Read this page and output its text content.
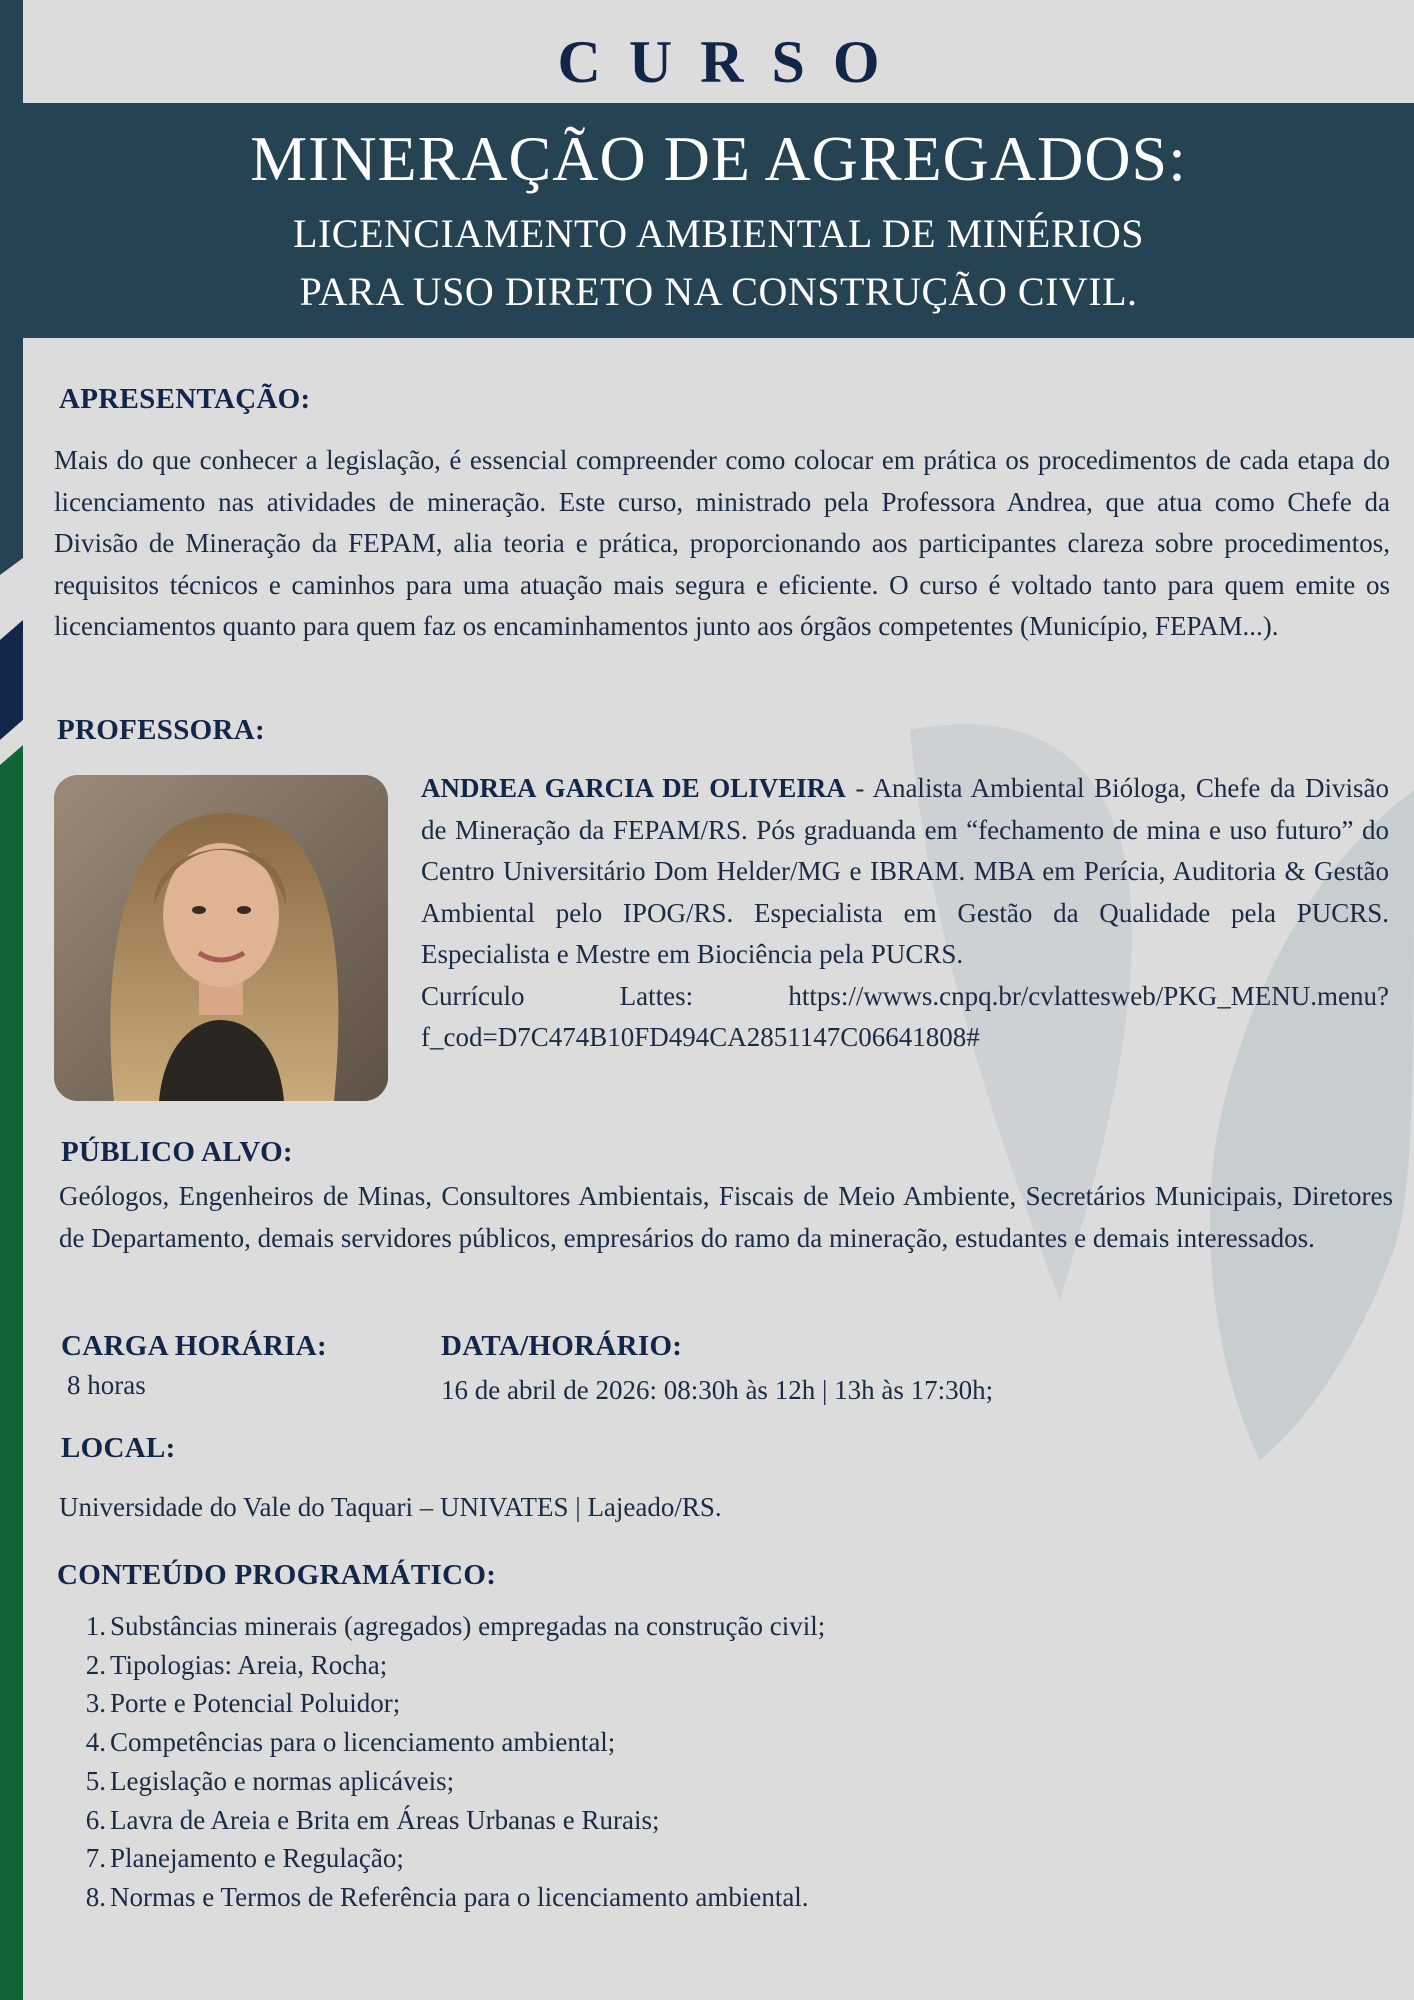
CURSO
MINERAÇÃO DE AGREGADOS:
LICENCIAMENTO AMBIENTAL DE MINÉRIOS
PARA USO DIRETO NA CONSTRUÇÃO CIVIL.
APRESENTAÇÃO:
Mais do que conhecer a legislação, é essencial compreender como colocar em prática os procedimentos de cada etapa do licenciamento nas atividades de mineração. Este curso, ministrado pela Professora Andrea, que atua como Chefe da Divisão de Mineração da FEPAM, alia teoria e prática, proporcionando aos participantes clareza sobre procedimentos, requisitos técnicos e caminhos para uma atuação mais segura e eficiente. O curso é voltado tanto para quem emite os licenciamentos quanto para quem faz os encaminhamentos junto aos órgãos competentes (Município, FEPAM...).
PROFESSORA:
ANDREA GARCIA DE OLIVEIRA - Analista Ambiental Bióloga, Chefe da Divisão de Mineração da FEPAM/RS. Pós graduanda em “fechamento de mina e uso futuro” do Centro Universitário Dom Helder/MG e IBRAM. MBA em Perícia, Auditoria & Gestão Ambiental pelo IPOG/RS. Especialista em Gestão da Qualidade pela PUCRS. Especialista e Mestre em Biociência pela PUCRS.
Currículo	Lattes:	https://wwws.cnpq.br/cvlattesweb/PKG_MENU.menu?
f_cod=D7C474B10FD494CA2851147C06641808#
PÚBLICO ALVO:
Geólogos, Engenheiros de Minas, Consultores Ambientais, Fiscais de Meio Ambiente, Secretários Municipais, Diretores de Departamento, demais servidores públicos, empresários do ramo da mineração, estudantes e demais interessados.
CARGA HORÁRIA:
8 horas
DATA/HORÁRIO:
16 de abril de 2026: 08:30h às 12h | 13h às 17:30h;
LOCAL:
Universidade do Vale do Taquari – UNIVATES | Lajeado/RS.
CONTEÚDO PROGRAMÁTICO:
1. Substâncias minerais (agregados) empregadas na construção civil;
2. Tipologias: Areia, Rocha;
3. Porte e Potencial Poluidor;
4. Competências para o licenciamento ambiental;
5. Legislação e normas aplicáveis;
6. Lavra de Areia e Brita em Áreas Urbanas e Rurais;
7. Planejamento e Regulação;
8. Normas e Termos de Referência para o licenciamento ambiental.
